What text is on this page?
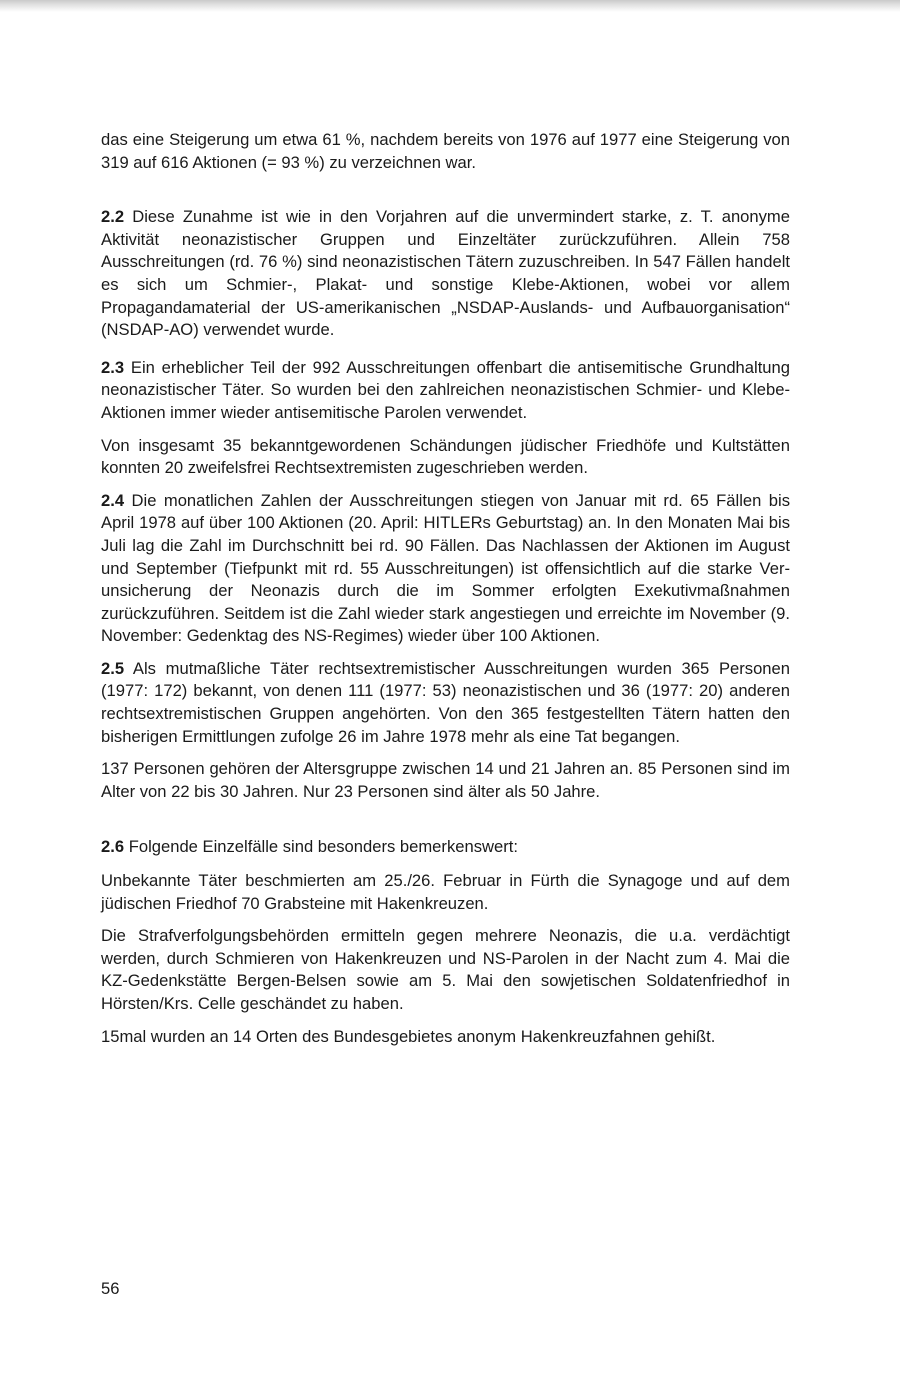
das eine Steigerung um etwa 61 %, nachdem bereits von 1976 auf 1977 eine Steigerung von 319 auf 616 Aktionen (= 93 %) zu verzeichnen war.

2.2 Diese Zunahme ist wie in den Vorjahren auf die unvermindert starke, z. T. anonyme Aktivität neonazistischer Gruppen und Einzeltäter zurückzuführen. Allein 758 Ausschreitungen (rd. 76 %) sind neonazistischen Tätern zuzuschreiben. In 547 Fällen handelt es sich um Schmier-, Plakat- und sonstige Klebe-Aktionen, wobei vor allem Propagandamaterial der US-amerikanischen „NSDAP-Auslands- und Aufbauorganisation“ (NSDAP-AO) verwendet wurde.

2.3 Ein erheblicher Teil der 992 Ausschreitungen offenbart die antisemitische Grundhaltung neonazistischer Täter. So wurden bei den zahlreichen neonazistischen Schmier- und Klebe-Aktionen immer wieder antisemitische Parolen verwendet.

Von insgesamt 35 bekanntgewordenen Schändungen jüdischer Friedhöfe und Kultstätten konnten 20 zweifelsfrei Rechtsextremisten zugeschrieben werden.

2.4 Die monatlichen Zahlen der Ausschreitungen stiegen von Januar mit rd. 65 Fällen bis April 1978 auf über 100 Aktionen (20. April: HITLERs Geburtstag) an. In den Monaten Mai bis Juli lag die Zahl im Durchschnitt bei rd. 90 Fällen. Das Nachlassen der Aktionen im August und September (Tiefpunkt mit rd. 55 Ausschreitungen) ist offensichtlich auf die starke Verunsicherung der Neonazis durch die im Sommer erfolgten Exekutivmaßnahmen zurückzuführen. Seitdem ist die Zahl wieder stark angestiegen und erreichte im November (9. November: Gedenktag des NS-Regimes) wieder über 100 Aktionen.

2.5 Als mutmaßliche Täter rechtsextremistischer Ausschreitungen wurden 365 Personen (1977: 172) bekannt, von denen 111 (1977: 53) neonazistischen und 36 (1977: 20) anderen rechtsextremistischen Gruppen angehörten. Von den 365 festgestellten Tätern hatten den bisherigen Ermittlungen zufolge 26 im Jahre 1978 mehr als eine Tat begangen.

137 Personen gehören der Altersgruppe zwischen 14 und 21 Jahren an. 85 Personen sind im Alter von 22 bis 30 Jahren. Nur 23 Personen sind älter als 50 Jahre.

2.6 Folgende Einzelfälle sind besonders bemerkenswert:

Unbekannte Täter beschmierten am 25./26. Februar in Fürth die Synagoge und auf dem jüdischen Friedhof 70 Grabsteine mit Hakenkreuzen.

Die Strafverfolgungsbehörden ermitteln gegen mehrere Neonazis, die u.a. verdächtigt werden, durch Schmieren von Hakenkreuzen und NS-Parolen in der Nacht zum 4. Mai die KZ-Gedenkstätte Bergen-Belsen sowie am 5. Mai den sowjetischen Soldatenfriedhof in Hörsten/Krs. Celle geschändet zu haben.

15mal wurden an 14 Orten des Bundesgebietes anonym Hakenkreuzfahnen gehißt.

56
